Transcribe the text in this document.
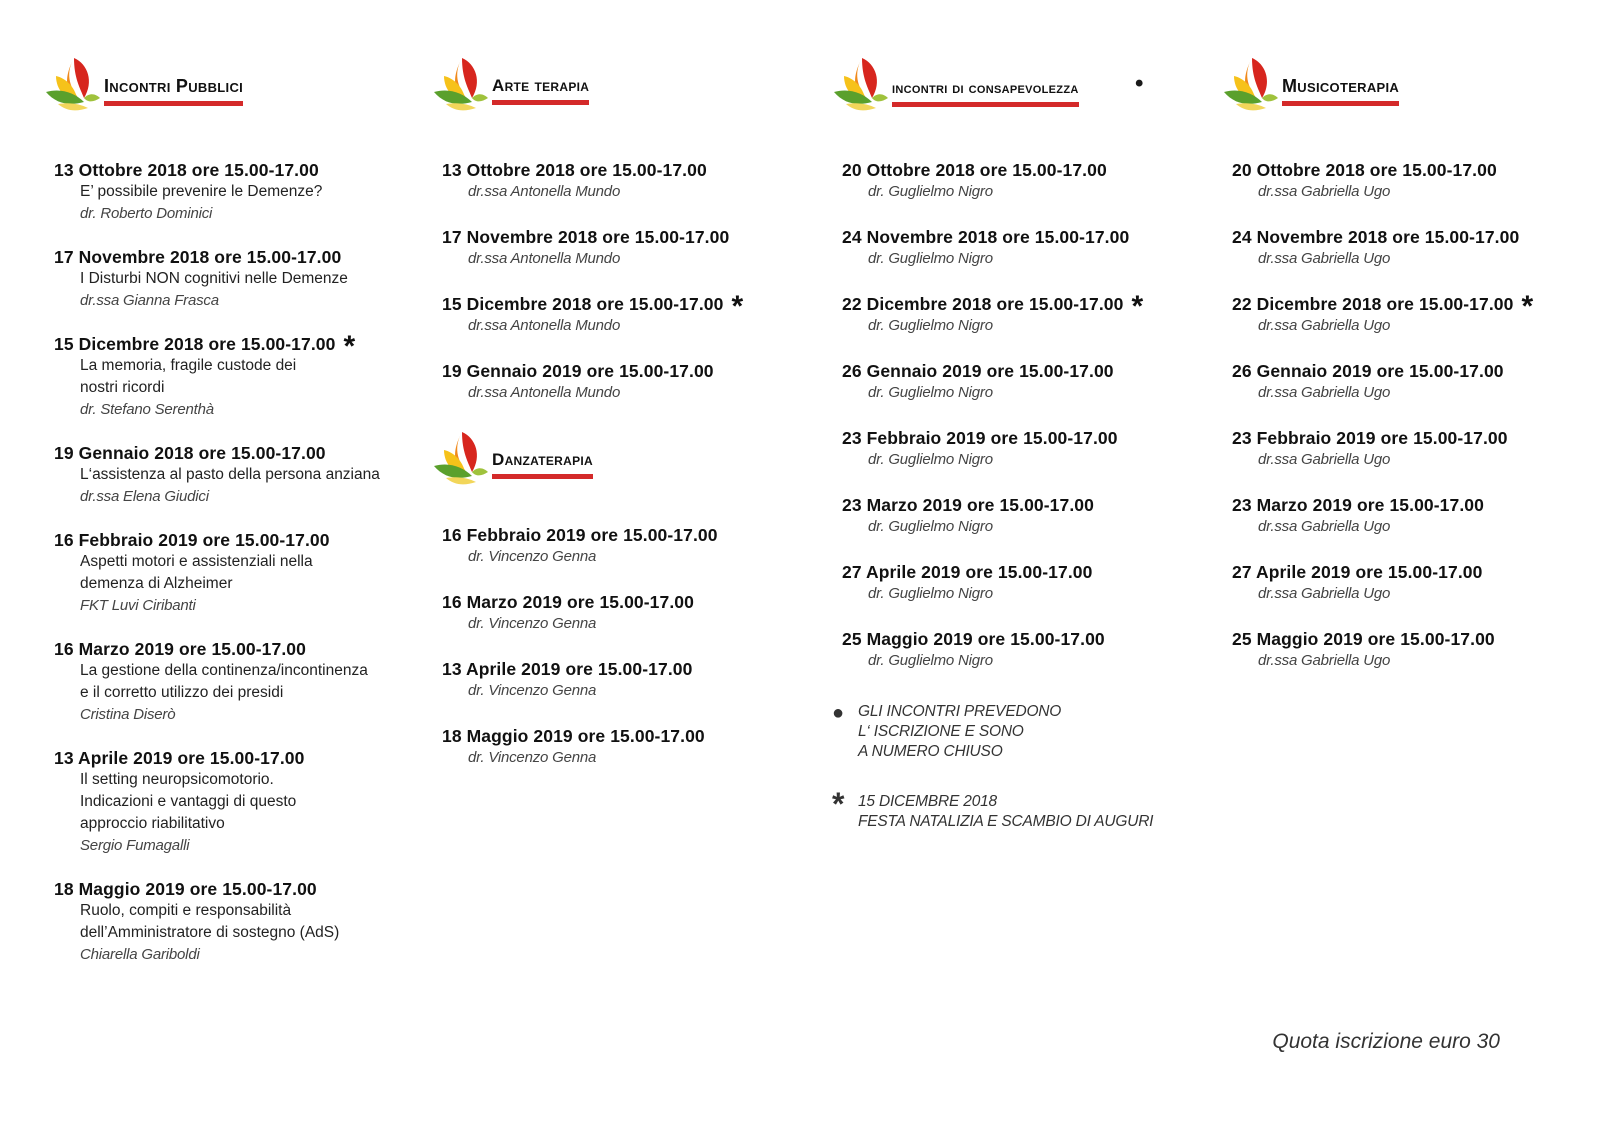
Incontri Pubblici
13 Ottobre 2018 ore 15.00-17.00
E’ possibile prevenire le Demenze?
dr. Roberto Dominici
17 Novembre 2018 ore 15.00-17.00
I Disturbi NON cognitivi nelle Demenze
dr.ssa Gianna Frasca
15 Dicembre 2018 ore 15.00-17.00 *
La memoria, fragile custode dei
nostri ricordi
dr. Stefano Serenthà
19 Gennaio 2018 ore 15.00-17.00
L‘assistenza al pasto della persona anziana
dr.ssa Elena Giudici
16 Febbraio 2019 ore 15.00-17.00
Aspetti motori e assistenziali nella
demenza di Alzheimer
FKT Luvi Ciribanti
16 Marzo 2019 ore 15.00-17.00
La gestione della continenza/incontinenza
e il corretto utilizzo dei presidi
Cristina Diserò
13 Aprile 2019 ore 15.00-17.00
Il setting neuropsicomotorio.
Indicazioni e vantaggi di questo
approccio riabilitativo
Sergio Fumagalli
18 Maggio 2019 ore 15.00-17.00
Ruolo, compiti e responsabilità
dell’Amministratore di sostegno (AdS)
Chiarella Gariboldi
Arte terapia
13 Ottobre 2018 ore 15.00-17.00
dr.ssa Antonella Mundo
17 Novembre 2018 ore 15.00-17.00
dr.ssa Antonella Mundo
15 Dicembre 2018 ore 15.00-17.00 *
dr.ssa Antonella Mundo
19 Gennaio 2019 ore 15.00-17.00
dr.ssa Antonella Mundo
Danzaterapia
16 Febbraio 2019 ore 15.00-17.00
dr. Vincenzo Genna
16 Marzo 2019 ore 15.00-17.00
dr. Vincenzo Genna
13 Aprile 2019 ore 15.00-17.00
dr. Vincenzo Genna
18 Maggio 2019 ore 15.00-17.00
dr. Vincenzo Genna
incontri di consapevolezza •
20 Ottobre 2018 ore 15.00-17.00
dr. Guglielmo Nigro
24 Novembre 2018 ore 15.00-17.00
dr. Guglielmo Nigro
22 Dicembre 2018 ore 15.00-17.00 *
dr. Guglielmo Nigro
26 Gennaio 2019 ore 15.00-17.00
dr. Guglielmo Nigro
23 Febbraio 2019 ore 15.00-17.00
dr. Guglielmo Nigro
23 Marzo 2019 ore 15.00-17.00
dr. Guglielmo Nigro
27 Aprile 2019 ore 15.00-17.00
dr. Guglielmo Nigro
25 Maggio 2019 ore 15.00-17.00
dr. Guglielmo Nigro
● GLI INCONTRI PREVEDONO
L‘ ISCRIZIONE E SONO
A NUMERO CHIUSO
* 15 DICEMBRE 2018
FESTA NATALIZIA E SCAMBIO DI AUGURI
Musicoterapia
20 Ottobre 2018 ore 15.00-17.00
dr.ssa Gabriella Ugo
24 Novembre 2018 ore 15.00-17.00
dr.ssa Gabriella Ugo
22 Dicembre 2018 ore 15.00-17.00 *
dr.ssa Gabriella Ugo
26 Gennaio 2019 ore 15.00-17.00
dr.ssa Gabriella Ugo
23 Febbraio 2019 ore 15.00-17.00
dr.ssa Gabriella Ugo
23 Marzo 2019 ore 15.00-17.00
dr.ssa Gabriella Ugo
27 Aprile 2019 ore 15.00-17.00
dr.ssa Gabriella Ugo
25 Maggio 2019 ore 15.00-17.00
dr.ssa Gabriella Ugo
Quota iscrizione euro 30
